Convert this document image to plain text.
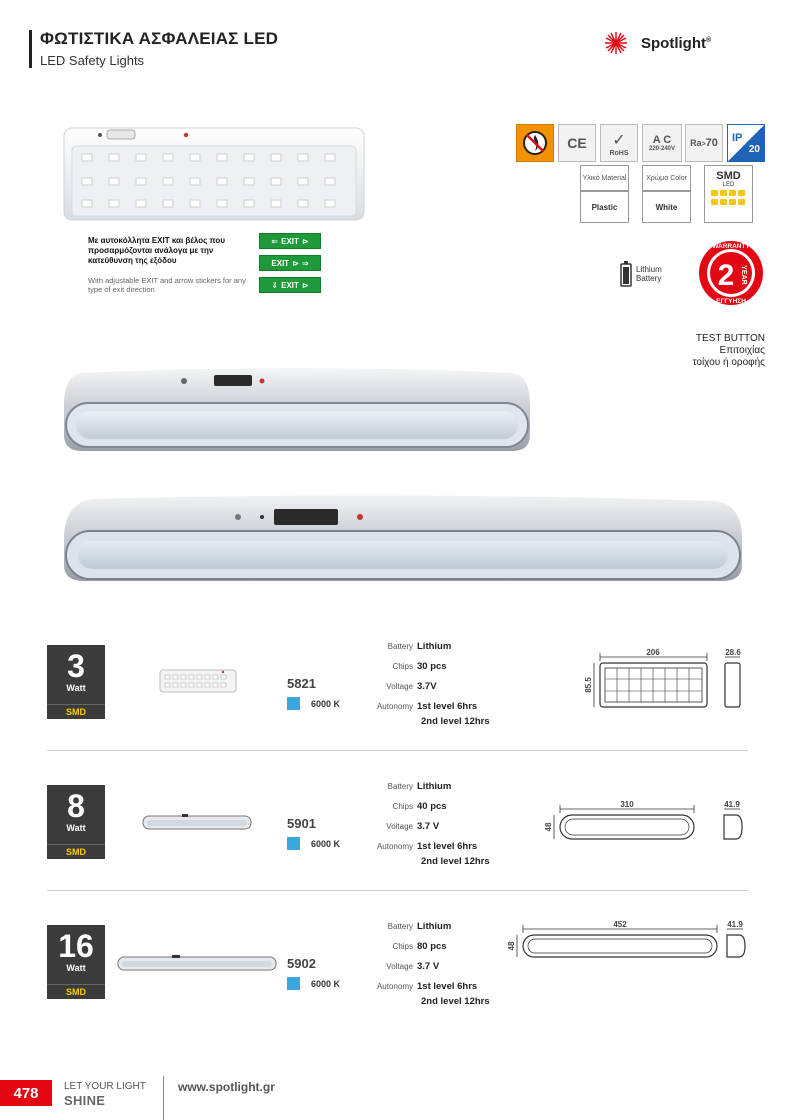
ΦΩΤΙΣΤΙΚΑ ΑΣΦΑΛΕΙΑΣ LED
LED Safety Lights
Spotlight®
Με αυτοκόλλητα EXIT και βέλος που προσαρμόζονται ανάλογα με την κατεύθυνση της εξόδου
With adjustable EXIT and arrow stickers for any type of exit direction
⇐ EXIT ⊳
EXIT ⊳ ⇒
⇓ EXIT ⊳
CE ✓
RoHS
A C
220-240V
Ra>70 IP
20
Υλικό Material
Plastic
Χρώμα Color
White
SMD
LED
Lithium
Battery 2 YEAR
WARRANTY
ΕΓΓΥΗΣΗ
TEST BUTTON
Επιτοιχίας
τοίχου ή οροφής
3
Watt
SMD
5821
6000 K
Battery Lithium
Chips 30 pcs
Voltage 3.7V
Autonomy 1st level 6hrs
2nd level 12hrs
206
85.5
28.6
8
Watt
SMD
5901
6000 K
Battery Lithium
Chips 40 pcs
Voltage 3.7 V
Autonomy 1st level 6hrs
2nd level 12hrs
310
48
41.9
16
Watt
SMD
5902
6000 K
Battery Lithium
Chips 80 pcs
Voltage 3.7 V
Autonomy 1st level 6hrs
2nd level 12hrs
452
48
41.9
478	LET YOUR LIGHT
SHINE
www.spotlight.gr
